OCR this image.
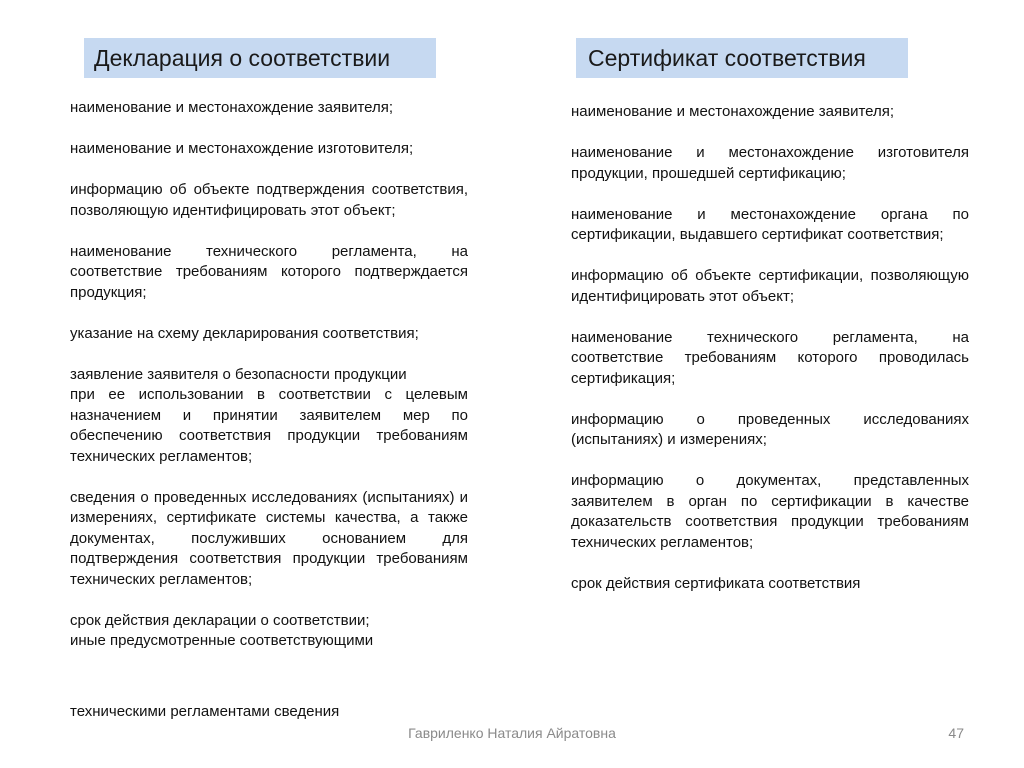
Декларация о соответствии	Сертификат соответствия

наименование и местонахождение заявителя;

наименование и местонахождение изготовителя;

информацию об объекте подтверждения соответствия, позволяющую идентифицировать этот объект;

наименование технического регламента, на соответствие требованиям которого подтверждается продукция;

указание на схему декларирования соответствия;

заявление заявителя о безопасности продукции

при ее использовании в соответствии с целевым назначением и принятии заявителем мер по обеспечению соответствия продукции требованиям технических регламентов;

сведения о проведенных исследованиях (испытаниях) и измерениях, сертификате системы качества, а также документах, послуживших основанием для подтверждения соответствия продукции требованиям технических регламентов;

срок действия декларации о соответствии;

иные предусмотренные соответствующими

техническими регламентами сведения

наименование и местонахождение заявителя;

наименование и местонахождение изготовителя продукции, прошедшей сертификацию;

наименование и местонахождение органа по сертификации, выдавшего сертификат соответствия;

информацию об объекте сертификации, позволяющую идентифицировать этот объект;

наименование технического регламента, на соответствие требованиям которого проводилась сертификация;

информацию о проведенных исследованиях (испытаниях) и измерениях;

информацию о документах, представленных заявителем в орган по сертификации в качестве доказательств соответствия продукции требованиям технических регламентов;

срок действия сертификата соответствия

Гавриленко Наталия Айратовна	47
